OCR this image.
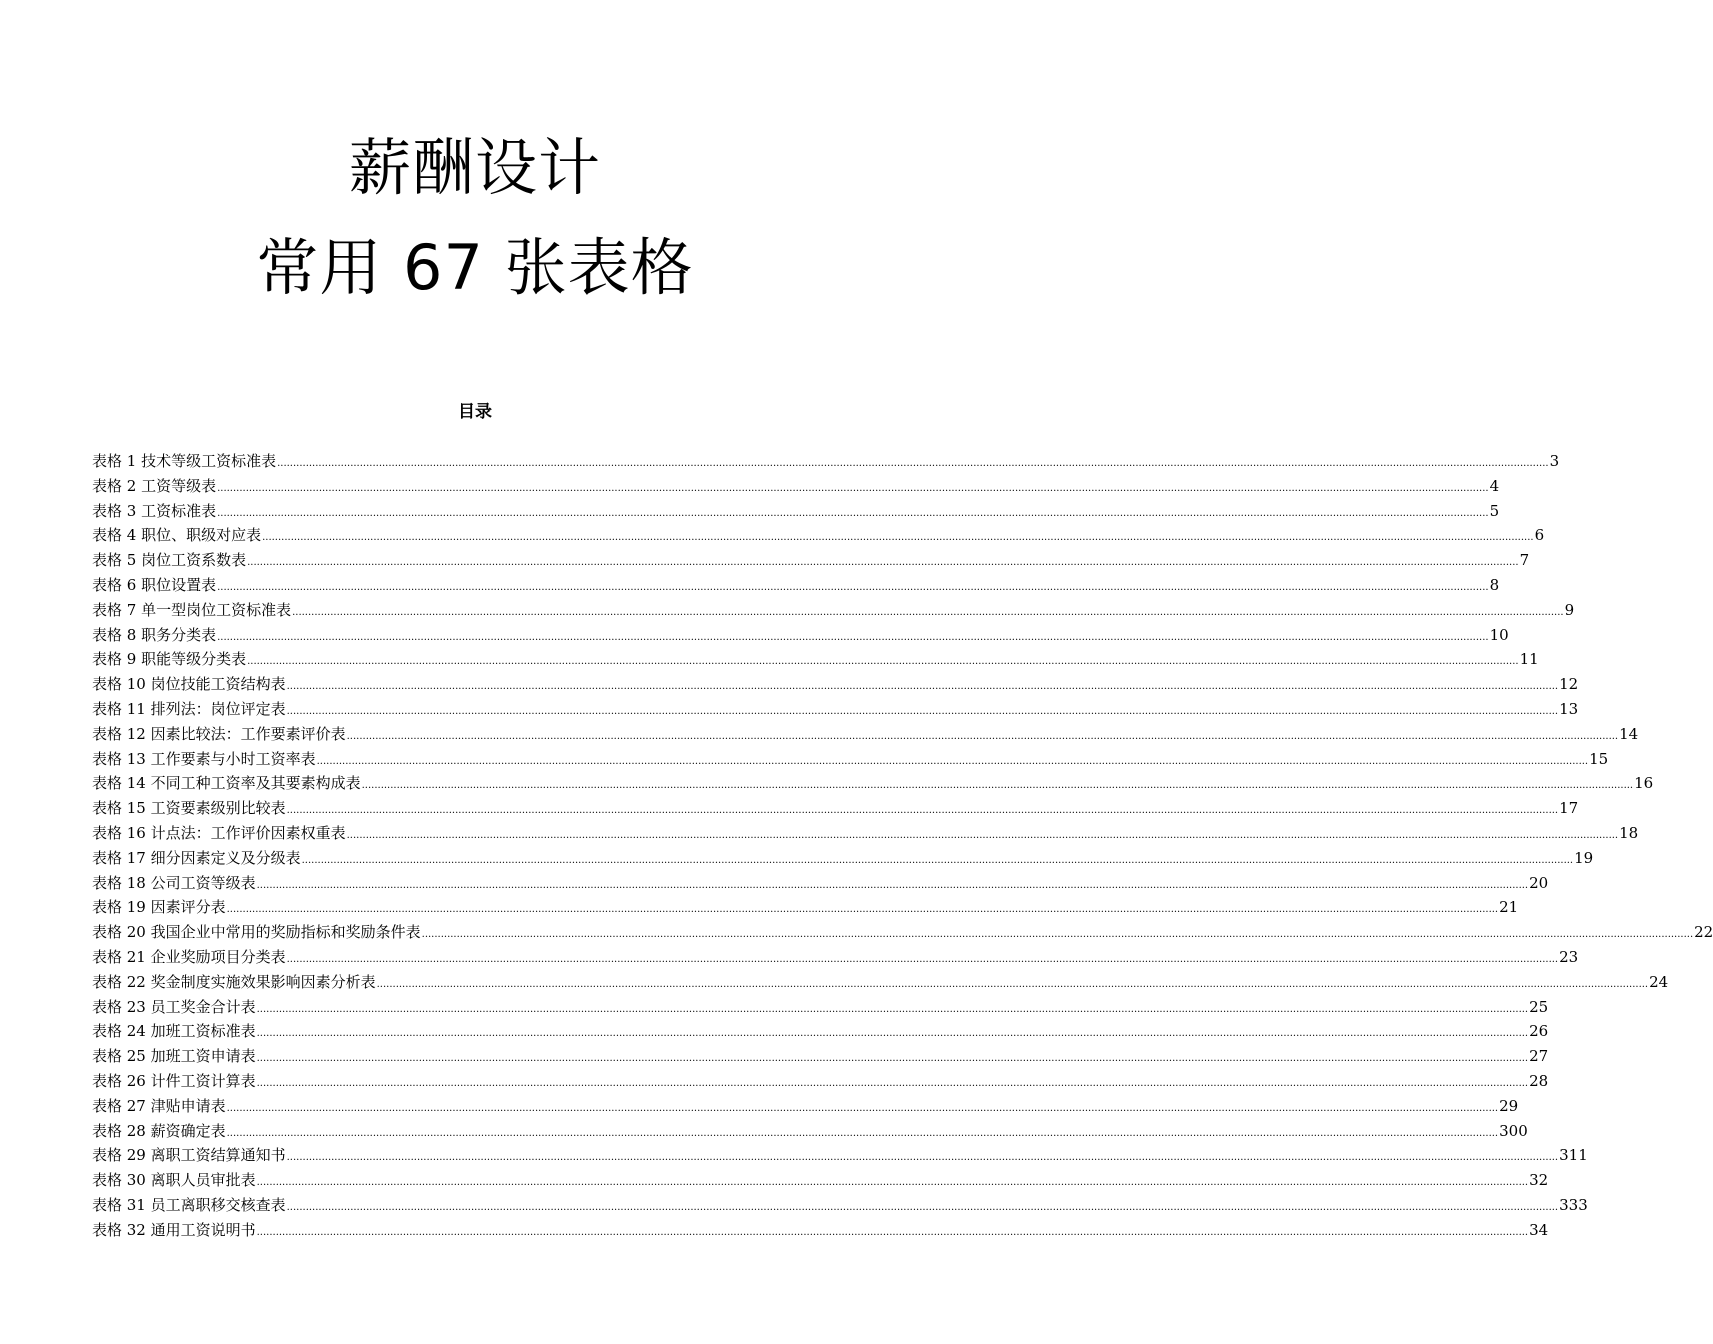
薪酬设计
常用 67 张表格
目录
表格 1 技术等级工资标准表 ................................................................................................................................................................................................................................................................................................................................................................................................................ 3
表格 2 工资等级表 ................................................................................................................................................................................................................................................................................................................................................................................................................ 4
表格 3 工资标准表 ................................................................................................................................................................................................................................................................................................................................................................................................................ 5
表格 4 职位、职级对应表 ................................................................................................................................................................................................................................................................................................................................................................................................................ 6
表格 5 岗位工资系数表 ................................................................................................................................................................................................................................................................................................................................................................................................................ 7
表格 6 职位设置表 ................................................................................................................................................................................................................................................................................................................................................................................................................ 8
表格 7 单一型岗位工资标准表 ................................................................................................................................................................................................................................................................................................................................................................................................................ 9
表格 8 职务分类表 ................................................................................................................................................................................................................................................................................................................................................................................................................ 10
表格 9 职能等级分类表 ................................................................................................................................................................................................................................................................................................................................................................................................................ 11
表格 10 岗位技能工资结构表 ................................................................................................................................................................................................................................................................................................................................................................................................................ 12
表格 11 排列法：岗位评定表 ................................................................................................................................................................................................................................................................................................................................................................................................................ 13
表格 12 因素比较法：工作要素评价表 ................................................................................................................................................................................................................................................................................................................................................................................................................ 14
表格 13 工作要素与小时工资率表 ................................................................................................................................................................................................................................................................................................................................................................................................................ 15
表格 14 不同工种工资率及其要素构成表 ................................................................................................................................................................................................................................................................................................................................................................................................................ 16
表格 15 工资要素级别比较表 ................................................................................................................................................................................................................................................................................................................................................................................................................ 17
表格 16 计点法：工作评价因素权重表 ................................................................................................................................................................................................................................................................................................................................................................................................................ 18
表格 17 细分因素定义及分级表 ................................................................................................................................................................................................................................................................................................................................................................................................................ 19
表格 18 公司工资等级表 ................................................................................................................................................................................................................................................................................................................................................................................................................ 20
表格 19 因素评分表 ................................................................................................................................................................................................................................................................................................................................................................................................................ 21
表格 20 我国企业中常用的奖励指标和奖励条件表 ................................................................................................................................................................................................................................................................................................................................................................................................................ 22
表格 21 企业奖励项目分类表 ................................................................................................................................................................................................................................................................................................................................................................................................................ 23
表格 22 奖金制度实施效果影响因素分析表 ................................................................................................................................................................................................................................................................................................................................................................................................................ 24
表格 23 员工奖金合计表 ................................................................................................................................................................................................................................................................................................................................................................................................................ 25
表格 24 加班工资标准表 ................................................................................................................................................................................................................................................................................................................................................................................................................ 26
表格 25 加班工资申请表 ................................................................................................................................................................................................................................................................................................................................................................................................................ 27
表格 26 计件工资计算表 ................................................................................................................................................................................................................................................................................................................................................................................................................ 28
表格 27 津贴申请表 ................................................................................................................................................................................................................................................................................................................................................................................................................ 29
表格 28 薪资确定表 ................................................................................................................................................................................................................................................................................................................................................................................................................ 300
表格 29 离职工资结算通知书 ................................................................................................................................................................................................................................................................................................................................................................................................................ 311
表格 30 离职人员审批表 ................................................................................................................................................................................................................................................................................................................................................................................................................ 32
表格 31 员工离职移交核查表 ................................................................................................................................................................................................................................................................................................................................................................................................................ 333
表格 32 通用工资说明书 ................................................................................................................................................................................................................................................................................................................................................................................................................ 34
